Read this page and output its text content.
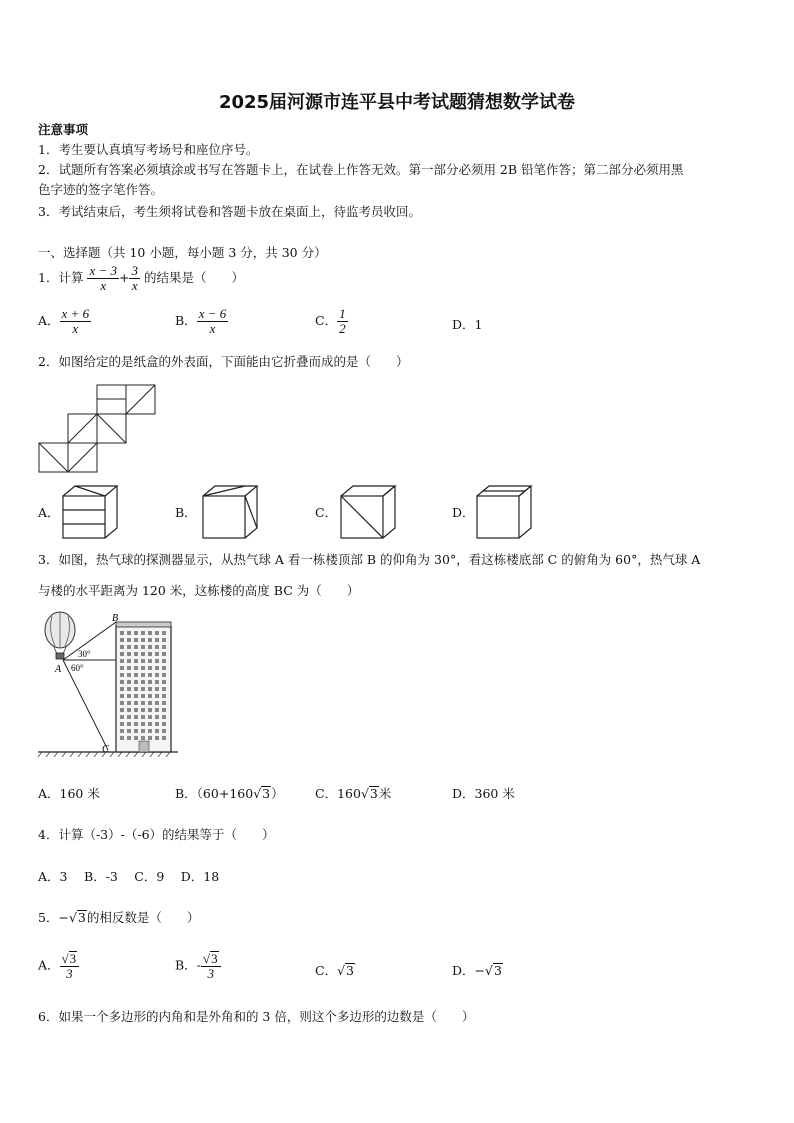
2025届河源市连平县中考试题猜想数学试卷
注意事项
1．考生要认真填写考场号和座位序号。
2．试题所有答案必须填涂或书写在答题卡上，在试卷上作答无效。第一部分必须用 2B 铅笔作答；第二部分必须用黑
色字迹的签字笔作答。
3．考试结束后，考生须将试卷和答题卡放在桌面上，待监考员收回。
一、选择题（共 10 小题，每小题 3 分，共 30 分）
1．计算 $\frac{x - 3}{x} + \frac{3}{x}$ 的结果是（　　）
A． $\frac{x + 6}{x}$	B． $\frac{x - 6}{x}$	C． $\frac{1}{2}$	D．1
2．如图给定的是纸盒的外表面，下面能由它折叠而成的是（　　）
A．	B．	C．	D．
3．如图，热气球的探测器显示，从热气球 A 看一栋楼顶部 B 的仰角为 30°，看这栋楼底部 C 的俯角为 60°，热气球 A
与楼的水平距离为 120 米，这栋楼的高度 BC 为（　　）
B
A
C
30°
60°
A．160 米	B．（60+160√3）	C．160√3米	D．360 米
4．计算（-3）-（-6）的结果等于（　　）
A．3　 B．-3　 C．9　 D．18
5．−√3的相反数是（　　）
A． $\frac{√3}{3}$	B．- $\frac{√3}{3}$	C．√3	D．−√3
6．如果一个多边形的内角和是外角和的 3 倍，则这个多边形的边数是（　　）
